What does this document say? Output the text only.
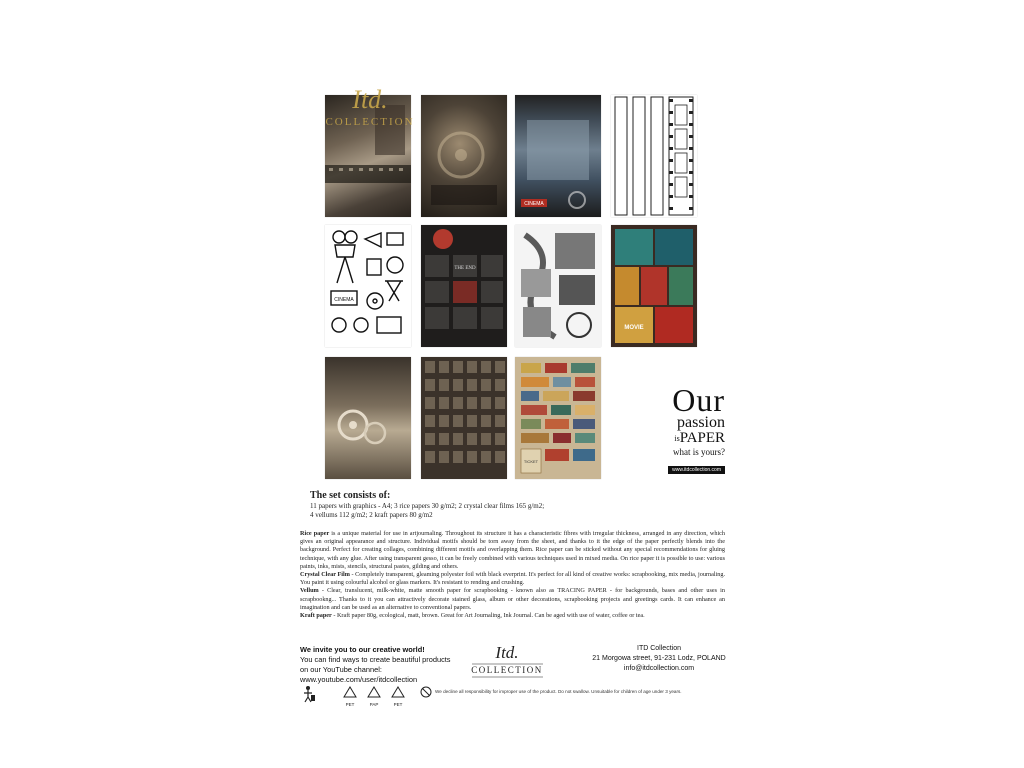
CINEMA
CINEMA
THE END
MOVIE
TICKET
Itd.
COLLECTION
Our
passion
$^{is}$PAPER
what is yours?
www.itdcollection.com
The set consists of:
11 papers with graphics - A4; 3 rice papers 30 g/m2; 2 crystal clear films 165 g/m2;
4 vellums 112 g/m2; 2 kraft papers 80 g/m2

Rice paper is a unique material for use in artjournaling. Throughout its structure it has a characteristic fibres with irregular thickness, arranged in any direction, which gives an original appearance and structure. Individual motifs should be torn away from the sheet, and thanks to it the edge of the paper perfectly blends into the background. Perfect for creating collages, combining different motifs and overlapping them. Rice paper can be sticked without any special recommendations for gluing technique, with any glue. After using transparent gesso, it can be freely combined with various techniques used in mixed media. On rice paper it is possible to use: various paints, inks, mists, stencils, structural pastes, gilding and others.

Crystal Clear Film - Completely transparent, gleaming polyester foil with black everprint. It's perfect for all kind of creative works: scrapbooking, mix media, journaling. You paint it using colourful alcohol or glass markers. It's resistant to rending and crushing.

Vellum - Clear, translucent, milk-white, matte smooth paper for scrapbooking - known also as TRACING PAPER - for backgrounds, bases and other uses in scrapbookng... Thanks to it you can attractively decorate stained glass, album or other decorations, scrapbooking projects and greetings cards. It can enhance an imagination and can be used as an alternative to conventional papers.

Kraft paper - Kraft paper 80g, ecological, matt, brown. Great for Art Journaling, Ink Journal. Can be aged with use of water, coffee or tea.

We invite you to our creative world!
You can find ways to create beautiful products
on our YouTube channel:
www.youtube.com/user/itdcollection
Itd.
COLLECTION
ITD Collection
21 Morgowa street, 91-231 Lodz, POLAND
info@itdcollection.com
PET	PAP	PET
We decline all responsibility for improper use of the product. Do not swallow. Unsuitable for children of age under 3 years.
